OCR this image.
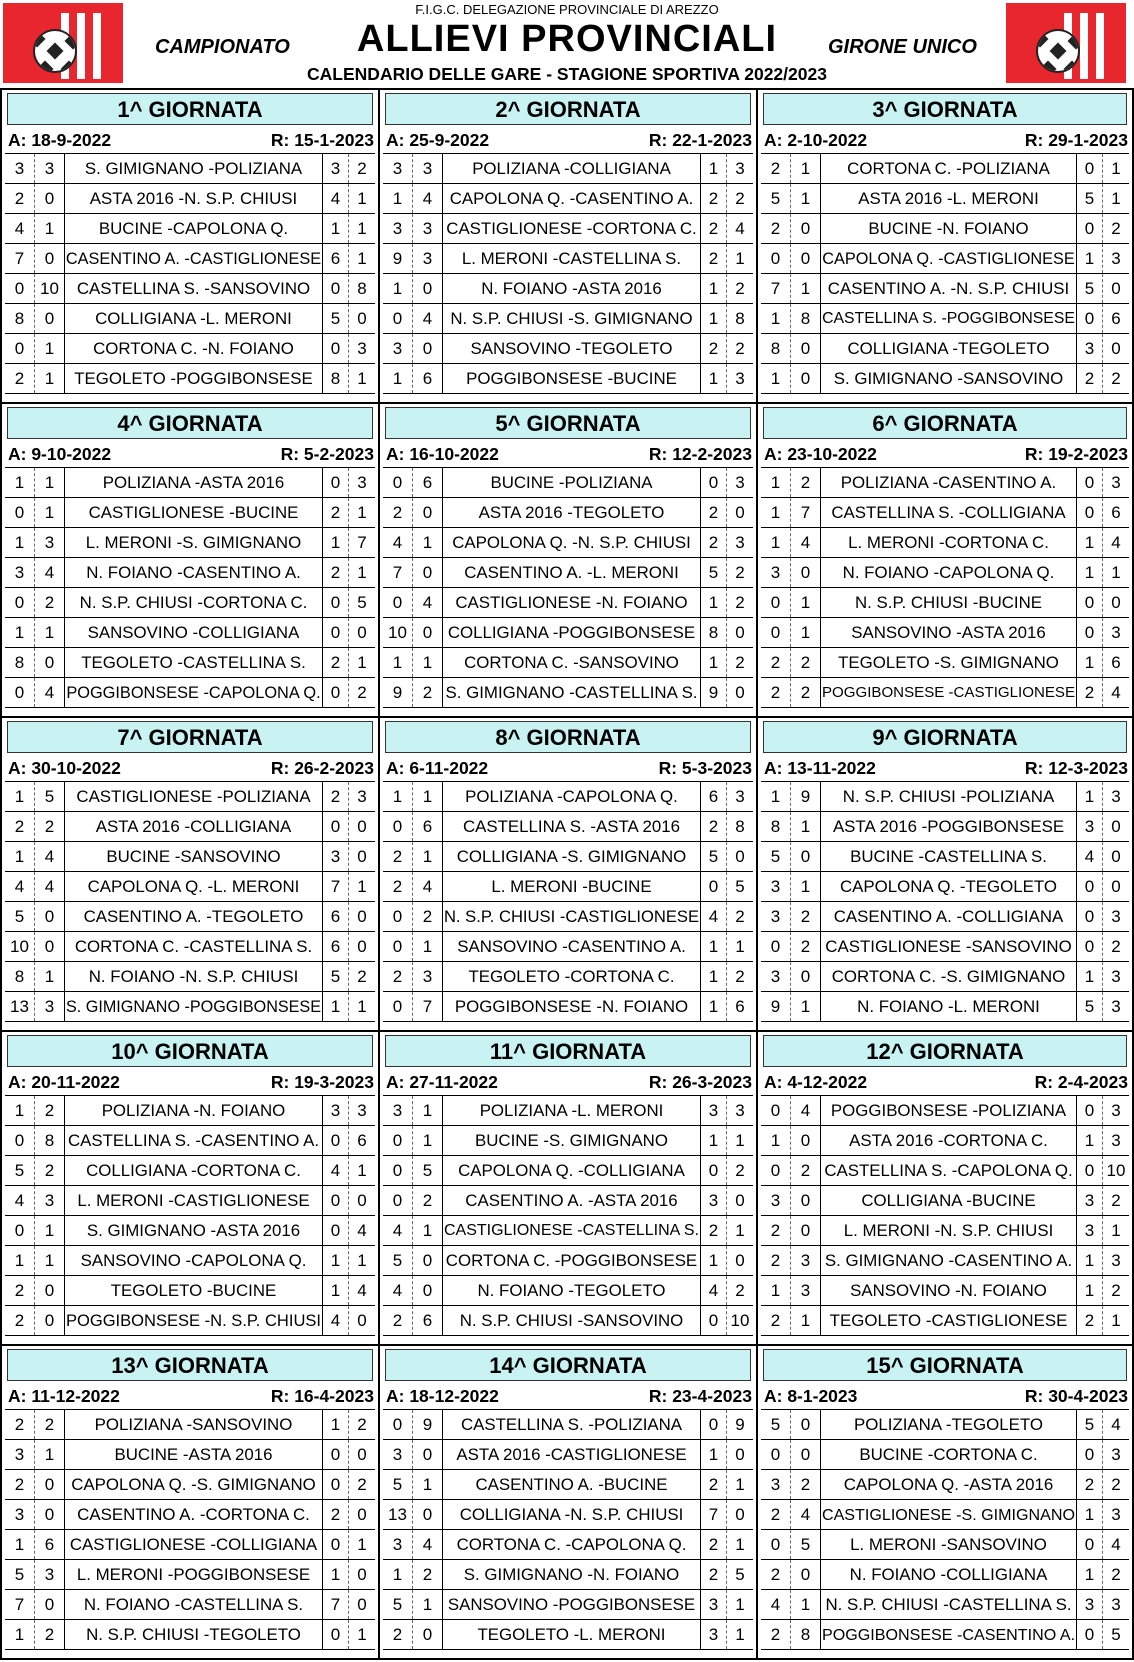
F.I.G.C. DELEGAZIONE PROVINCIALE DI AREZZO
CAMPIONATO	ALLIEVI PROVINCIALI	GIRONE UNICO
CALENDARIO DELLE GARE - STAGIONE SPORTIVA 2022/2023
1^ GIORNATA
A: 18-9-2022	R: 15-1-2023
3	3	S. GIMIGNANO -POLIZIANA	3	2
2	0	ASTA 2016 -N. S.P. CHIUSI	4	1
4	1	BUCINE -CAPOLONA Q.	1	1
7	0 CASENTINO A. -CASTIGLIONESE 6	1
0 10	CASTELLINA S. -SANSOVINO	0	8
8	0	COLLIGIANA -L. MERONI	5	0
0	1	CORTONA C. -N. FOIANO	0	3
2	1	TEGOLETO -POGGIBONSESE	8	1
2^ GIORNATA
A: 25-9-2022	R: 22-1-2023
3	3	POLIZIANA -COLLIGIANA	1	3
1	4	CAPOLONA Q. -CASENTINO A. 2	2
3	3 CASTIGLIONESE -CORTONA C. 2	4
9	3	L. MERONI -CASTELLINA S.	2	1
1	0	N. FOIANO -ASTA 2016	1	2
0	4	N. S.P. CHIUSI -S. GIMIGNANO 1	8
3	0	SANSOVINO -TEGOLETO	2	2
1	6	POGGIBONSESE -BUCINE	1	3
3^ GIORNATA
A: 2-10-2022	R: 29-1-2023
2	1	CORTONA C. -POLIZIANA	0	1
5	1	ASTA 2016 -L. MERONI	5	1
2	0	BUCINE -N. FOIANO	0	2
0	0 CAPOLONA Q. -CASTIGLIONESE 1	3
7	1	CASENTINO A. -N. S.P. CHIUSI 5	0
1	8 CASTELLINA S. -POGGIBONSESE 0	6
8	0	COLLIGIANA -TEGOLETO	3	0
1	0	S. GIMIGNANO -SANSOVINO	2	2
4^ GIORNATA
A: 9-10-2022	R: 5-2-2023
1	1	POLIZIANA -ASTA 2016	0	3
0	1	CASTIGLIONESE -BUCINE	2	1
1	3	L. MERONI -S. GIMIGNANO	1	7
3	4	N. FOIANO -CASENTINO A.	2	1
0	2	N. S.P. CHIUSI -CORTONA C.	0	5
1	1	SANSOVINO -COLLIGIANA	0	0
8	0	TEGOLETO -CASTELLINA S.	2	1
0	4 POGGIBONSESE -CAPOLONA Q. 0	2
5^ GIORNATA
A: 16-10-2022	R: 12-2-2023
0	6	BUCINE -POLIZIANA	0	3
2	0	ASTA 2016 -TEGOLETO	2	0
4	1	CAPOLONA Q. -N. S.P. CHIUSI	2	3
7	0	CASENTINO A. -L. MERONI	5	2
0	4	CASTIGLIONESE -N. FOIANO	1	2
10 0 COLLIGIANA -POGGIBONSESE 8	0
1	1	CORTONA C. -SANSOVINO	1	2
9	2 S. GIMIGNANO -CASTELLINA S. 9	0
6^ GIORNATA
A: 23-10-2022	R: 19-2-2023
1	2	POLIZIANA -CASENTINO A.	0	3
1	7	CASTELLINA S. -COLLIGIANA	0	6
1	4	L. MERONI -CORTONA C.	1	4
3	0	N. FOIANO -CAPOLONA Q.	1	1
0	1	N. S.P. CHIUSI -BUCINE	0	0
0	1	SANSOVINO -ASTA 2016	0	3
2	2	TEGOLETO -S. GIMIGNANO	1	6
2	2 POGGIBONSESE -CASTIGLIONESE 2	4
7^ GIORNATA
A: 30-10-2022	R: 26-2-2023
1	5	CASTIGLIONESE -POLIZIANA	2	3
2	2	ASTA 2016 -COLLIGIANA	0	0
1	4	BUCINE -SANSOVINO	3	0
4	4	CAPOLONA Q. -L. MERONI	7	1
5	0	CASENTINO A. -TEGOLETO	6	0
10 0	CORTONA C. -CASTELLINA S.	6	0
8	1	N. FOIANO -N. S.P. CHIUSI	5	2
13 3 S. GIMIGNANO -POGGIBONSESE 1	1
8^ GIORNATA
A: 6-11-2022	R: 5-3-2023
1	1	POLIZIANA -CAPOLONA Q.	6	3
0	6	CASTELLINA S. -ASTA 2016	2	8
2	1	COLLIGIANA -S. GIMIGNANO	5	0
2	4	L. MERONI -BUCINE	0	5
0	2 N. S.P. CHIUSI -CASTIGLIONESE 4	2
0	1	SANSOVINO -CASENTINO A.	1	1
2	3	TEGOLETO -CORTONA C.	1	2
0	7	POGGIBONSESE -N. FOIANO	1	6
9^ GIORNATA
A: 13-11-2022	R: 12-3-2023
1	9	N. S.P. CHIUSI -POLIZIANA	1	3
8	1	ASTA 2016 -POGGIBONSESE	3	0
5	0	BUCINE -CASTELLINA S.	4	0
3	1	CAPOLONA Q. -TEGOLETO	0	0
3	2	CASENTINO A. -COLLIGIANA	0	3
0	2 CASTIGLIONESE -SANSOVINO 0	2
3	0	CORTONA C. -S. GIMIGNANO	1	3
9	1	N. FOIANO -L. MERONI	5	3
10^ GIORNATA
A: 20-11-2022	R: 19-3-2023
1	2	POLIZIANA -N. FOIANO	3	3
0	8 CASTELLINA S. -CASENTINO A. 0	6
5	2	COLLIGIANA -CORTONA C.	4	1
4	3	L. MERONI -CASTIGLIONESE	0	0
0	1	S. GIMIGNANO -ASTA 2016	0	4
1	1	SANSOVINO -CAPOLONA Q.	1	1
2	0	TEGOLETO -BUCINE	1	4
2	0 POGGIBONSESE -N. S.P. CHIUSI 4	0
11^ GIORNATA
A: 27-11-2022	R: 26-3-2023
3	1	POLIZIANA -L. MERONI	3	3
0	1	BUCINE -S. GIMIGNANO	1	1
0	5	CAPOLONA Q. -COLLIGIANA	0	2
0	2	CASENTINO A. -ASTA 2016	3	0
4	1 CASTIGLIONESE -CASTELLINA S. 2	1
5	0 CORTONA C. -POGGIBONSESE 1	0
4	0	N. FOIANO -TEGOLETO	4	2
2	6	N. S.P. CHIUSI -SANSOVINO	0 10
12^ GIORNATA
A: 4-12-2022	R: 2-4-2023
0	4	POGGIBONSESE -POLIZIANA	0	3
1	0	ASTA 2016 -CORTONA C.	1	3
0	2 CASTELLINA S. -CAPOLONA Q. 0 10
3	0	COLLIGIANA -BUCINE	3	2
2	0	L. MERONI -N. S.P. CHIUSI	3	1
2	3 S. GIMIGNANO -CASENTINO A. 1	3
1	3	SANSOVINO -N. FOIANO	1	2
2	1	TEGOLETO -CASTIGLIONESE	2	1
13^ GIORNATA
A: 11-12-2022	R: 16-4-2023
2	2	POLIZIANA -SANSOVINO	1	2
3	1	BUCINE -ASTA 2016	0	0
2	0	CAPOLONA Q. -S. GIMIGNANO 0	2
3	0	CASENTINO A. -CORTONA C.	2	0
1	6 CASTIGLIONESE -COLLIGIANA 0	1
5	3	L. MERONI -POGGIBONSESE	1	0
7	0	N. FOIANO -CASTELLINA S.	7	0
1	2	N. S.P. CHIUSI -TEGOLETO	0	1
14^ GIORNATA
A: 18-12-2022	R: 23-4-2023
0	9	CASTELLINA S. -POLIZIANA	0	9
3	0	ASTA 2016 -CASTIGLIONESE	1	0
5	1	CASENTINO A. -BUCINE	2	1
13 0	COLLIGIANA -N. S.P. CHIUSI	7	0
3	4	CORTONA C. -CAPOLONA Q.	2	1
1	2	S. GIMIGNANO -N. FOIANO	2	5
5	1 SANSOVINO -POGGIBONSESE 3	1
2	0	TEGOLETO -L. MERONI	3	1
15^ GIORNATA
A: 8-1-2023	R: 30-4-2023
5	0	POLIZIANA -TEGOLETO	5	4
0	0	BUCINE -CORTONA C.	0	3
3	2	CAPOLONA Q. -ASTA 2016	2	2
2	4 CASTIGLIONESE -S. GIMIGNANO 1	3
0	5	L. MERONI -SANSOVINO	0	4
2	0	N. FOIANO -COLLIGIANA	1	2
4	1 N. S.P. CHIUSI -CASTELLINA S. 3	3
2	8 POGGIBONSESE -CASENTINO A. 0	5
